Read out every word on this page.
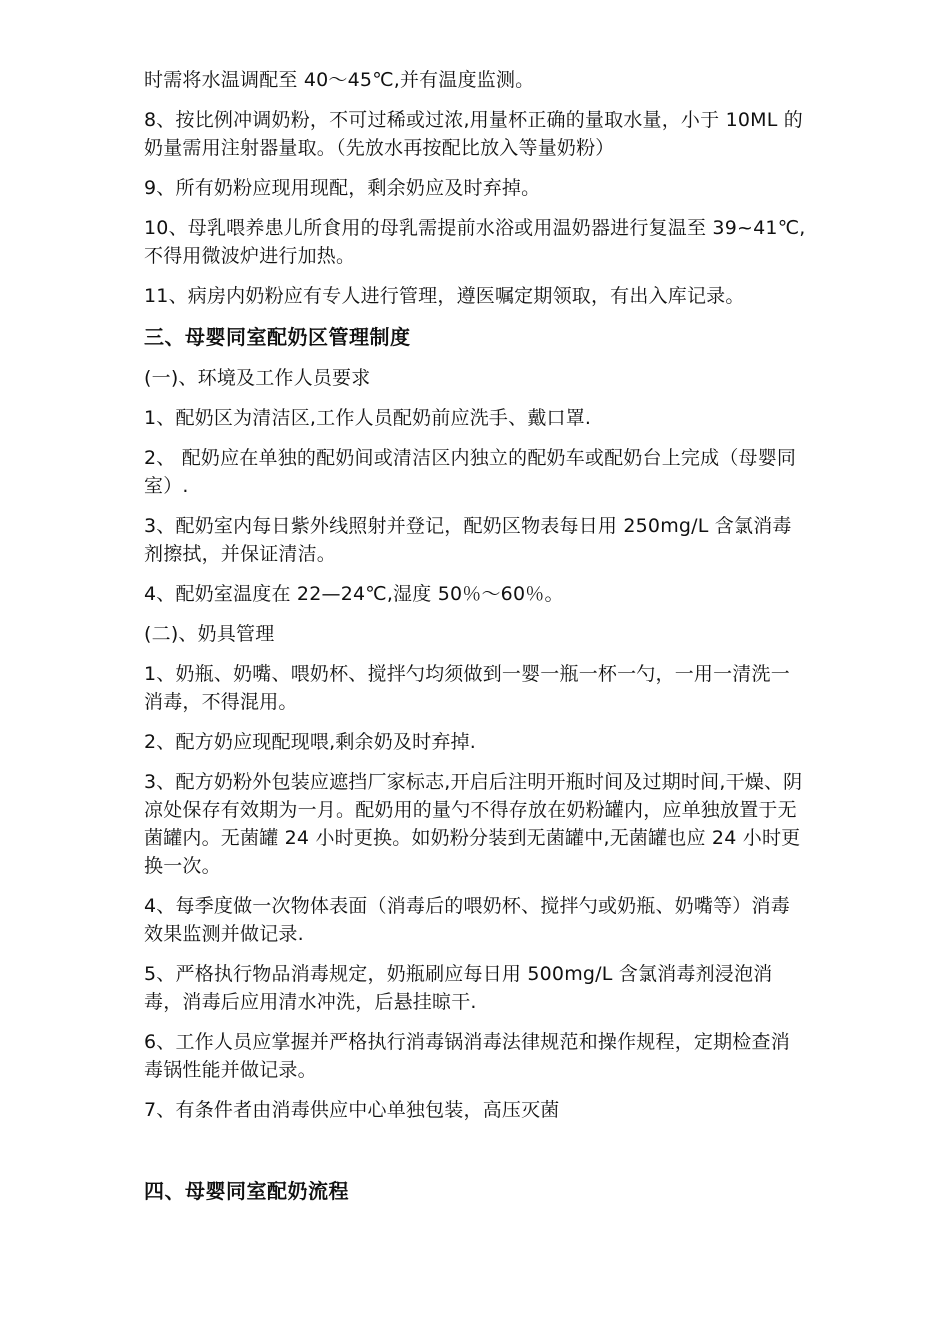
时需将水温调配至 40～45℃,并有温度监测。

8、按比例冲调奶粉，不可过稀或过浓,用量杯正确的量取水量，小于 10ML 的奶量需用注射器量取。（先放水再按配比放入等量奶粉）

9、所有奶粉应现用现配，剩余奶应及时弃掉。

10、母乳喂养患儿所食用的母乳需提前水浴或用温奶器进行复温至 39~41℃,不得用微波炉进行加热。

11、病房内奶粉应有专人进行管理，遵医嘱定期领取，有出入库记录。

三、母婴同室配奶区管理制度

(一)、环境及工作人员要求

1、配奶区为清洁区,工作人员配奶前应洗手、戴口罩.

2、 配奶应在单独的配奶间或清洁区内独立的配奶车或配奶台上完成（母婴同室）.

3、配奶室内每日紫外线照射并登记，配奶区物表每日用 250mg/L 含氯消毒剂擦拭，并保证清洁。

4、配奶室温度在 22—24℃,湿度 50％～60％。

(二)、奶具管理

1、奶瓶、奶嘴、喂奶杯、搅拌勺均须做到一婴一瓶一杯一勺，一用一清洗一消毒，不得混用。

2、配方奶应现配现喂,剩余奶及时弃掉.

3、配方奶粉外包装应遮挡厂家标志,开启后注明开瓶时间及过期时间,干燥、阴凉处保存有效期为一月。配奶用的量勺不得存放在奶粉罐内，应单独放置于无菌罐内。无菌罐 24 小时更换。如奶粉分装到无菌罐中,无菌罐也应 24 小时更换一次。

4、每季度做一次物体表面（消毒后的喂奶杯、搅拌勺或奶瓶、奶嘴等）消毒效果监测并做记录.

5、严格执行物品消毒规定，奶瓶刷应每日用 500mg/L 含氯消毒剂浸泡消毒，消毒后应用清水冲洗，后悬挂晾干.

6、工作人员应掌握并严格执行消毒锅消毒法律规范和操作规程，定期检查消毒锅性能并做记录。

7、有条件者由消毒供应中心单独包装，高压灭菌

四、母婴同室配奶流程
